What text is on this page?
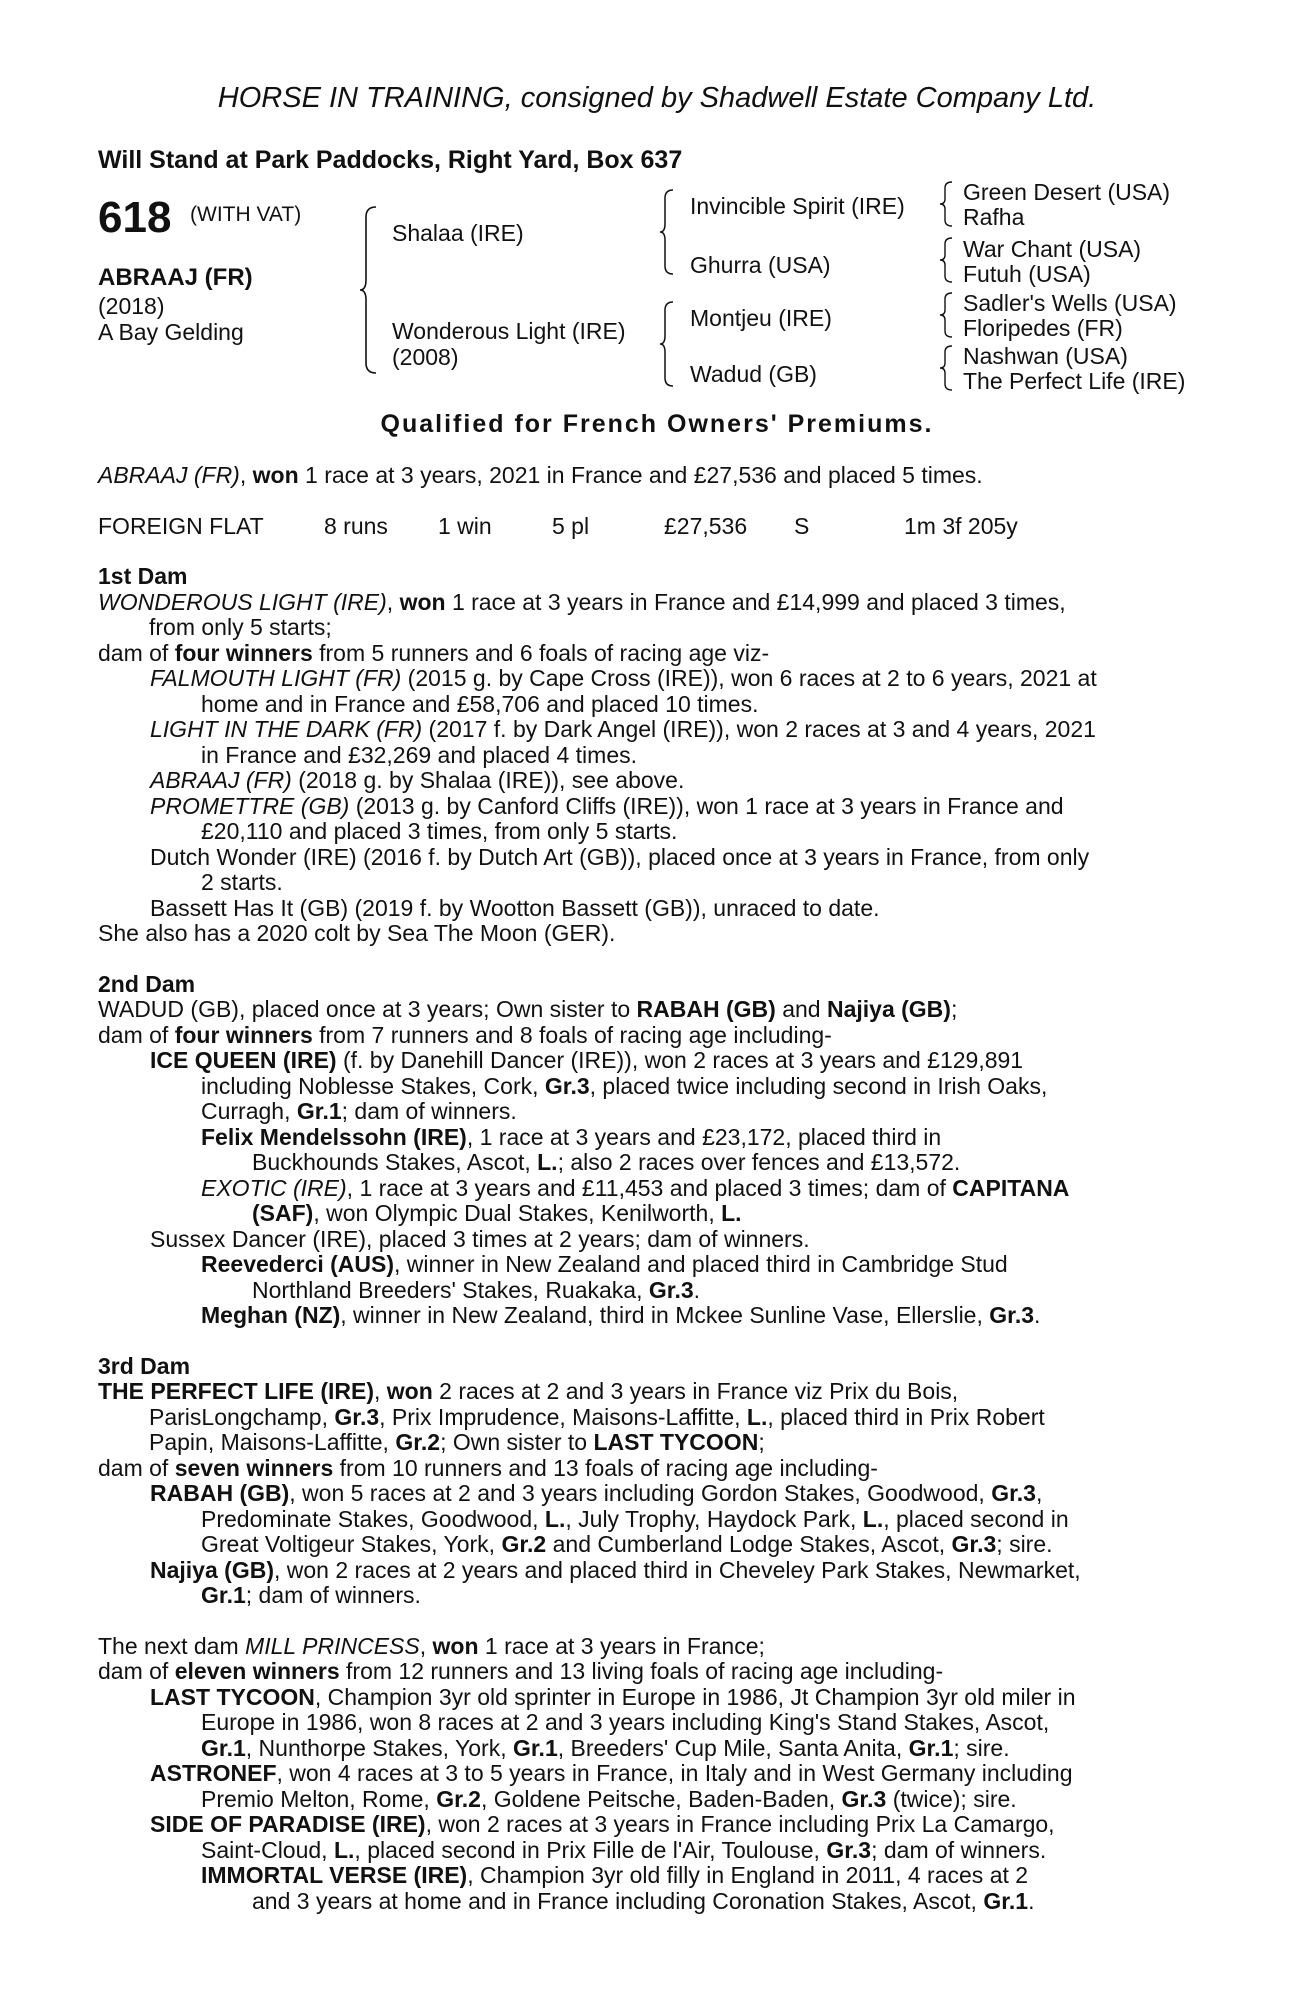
HORSE IN TRAINING, consigned by Shadwell Estate Company Ltd.
Will Stand at Park Paddocks, Right Yard, Box 637
618 (WITH VAT)
ABRAAJ (FR)
(2018)
A Bay Gelding
Shalaa (IRE)
Wonderous Light (IRE)
(2008)
Invincible Spirit (IRE)
Ghurra (USA)
Montjeu (IRE)
Wadud (GB)
Green Desert (USA)
Rafha
War Chant (USA)
Futuh (USA)
Sadler's Wells (USA)
Floripedes (FR)
Nashwan (USA)
The Perfect Life (IRE)
Qualified for French Owners' Premiums.
ABRAAJ (FR), won 1 race at 3 years, 2021 in France and £27,536 and placed 5 times.
FOREIGN FLAT	8 runs	1 win	5 pl	£27,536	S	1m 3f 205y
1st Dam
WONDEROUS LIGHT (IRE), won 1 race at 3 years in France and £14,999 and placed 3 times,
from only 5 starts;
dam of four winners from 5 runners and 6 foals of racing age viz-
FALMOUTH LIGHT (FR) (2015 g. by Cape Cross (IRE)), won 6 races at 2 to 6 years, 2021 at
home and in France and £58,706 and placed 10 times.
LIGHT IN THE DARK (FR) (2017 f. by Dark Angel (IRE)), won 2 races at 3 and 4 years, 2021
in France and £32,269 and placed 4 times.
ABRAAJ (FR) (2018 g. by Shalaa (IRE)), see above.
PROMETTRE (GB) (2013 g. by Canford Cliffs (IRE)), won 1 race at 3 years in France and
£20,110 and placed 3 times, from only 5 starts.
Dutch Wonder (IRE) (2016 f. by Dutch Art (GB)), placed once at 3 years in France, from only
2 starts.
Bassett Has It (GB) (2019 f. by Wootton Bassett (GB)), unraced to date.
She also has a 2020 colt by Sea The Moon (GER).
2nd Dam
WADUD (GB), placed once at 3 years; Own sister to RABAH (GB) and Najiya (GB);
dam of four winners from 7 runners and 8 foals of racing age including-
ICE QUEEN (IRE) (f. by Danehill Dancer (IRE)), won 2 races at 3 years and £129,891
including Noblesse Stakes, Cork, Gr.3, placed twice including second in Irish Oaks,
Curragh, Gr.1; dam of winners.
Felix Mendelssohn (IRE), 1 race at 3 years and £23,172, placed third in
Buckhounds Stakes, Ascot, L.; also 2 races over fences and £13,572.
EXOTIC (IRE), 1 race at 3 years and £11,453 and placed 3 times; dam of CAPITANA
(SAF), won Olympic Dual Stakes, Kenilworth, L.
Sussex Dancer (IRE), placed 3 times at 2 years; dam of winners.
Reevederci (AUS), winner in New Zealand and placed third in Cambridge Stud
Northland Breeders' Stakes, Ruakaka, Gr.3.
Meghan (NZ), winner in New Zealand, third in Mckee Sunline Vase, Ellerslie, Gr.3.
3rd Dam
THE PERFECT LIFE (IRE), won 2 races at 2 and 3 years in France viz Prix du Bois,
ParisLongchamp, Gr.3, Prix Imprudence, Maisons-Laffitte, L., placed third in Prix Robert
Papin, Maisons-Laffitte, Gr.2; Own sister to LAST TYCOON;
dam of seven winners from 10 runners and 13 foals of racing age including-
RABAH (GB), won 5 races at 2 and 3 years including Gordon Stakes, Goodwood, Gr.3,
Predominate Stakes, Goodwood, L., July Trophy, Haydock Park, L., placed second in
Great Voltigeur Stakes, York, Gr.2 and Cumberland Lodge Stakes, Ascot, Gr.3; sire.
Najiya (GB), won 2 races at 2 years and placed third in Cheveley Park Stakes, Newmarket,
Gr.1; dam of winners.
The next dam MILL PRINCESS, won 1 race at 3 years in France;
dam of eleven winners from 12 runners and 13 living foals of racing age including-
LAST TYCOON, Champion 3yr old sprinter in Europe in 1986, Jt Champion 3yr old miler in
Europe in 1986, won 8 races at 2 and 3 years including King's Stand Stakes, Ascot,
Gr.1, Nunthorpe Stakes, York, Gr.1, Breeders' Cup Mile, Santa Anita, Gr.1; sire.
ASTRONEF, won 4 races at 3 to 5 years in France, in Italy and in West Germany including
Premio Melton, Rome, Gr.2, Goldene Peitsche, Baden-Baden, Gr.3 (twice); sire.
SIDE OF PARADISE (IRE), won 2 races at 3 years in France including Prix La Camargo,
Saint-Cloud, L., placed second in Prix Fille de l'Air, Toulouse, Gr.3; dam of winners.
IMMORTAL VERSE (IRE), Champion 3yr old filly in England in 2011, 4 races at 2
and 3 years at home and in France including Coronation Stakes, Ascot, Gr.1.
